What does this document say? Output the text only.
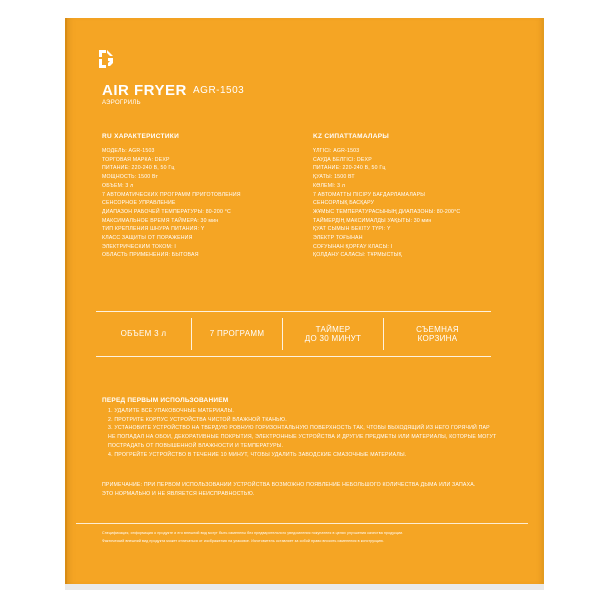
AIR FRYER AGR-1503
АЭРОГРИЛЬ
RU ХАРАКТЕРИСТИКИ
МОДЕЛЬ: AGR-1503
ТОРГОВАЯ МАРКА: DEXP
ПИТАНИЕ: 220-240 В, 50 Гц
МОЩНОСТЬ: 1500 Вт
ОБЪЕМ: 3 л
7 АВТОМАТИЧЕСКИХ ПРОГРАММ ПРИГОТОВЛЕНИЯ
СЕНСОРНОЕ УПРАВЛЕНИЕ
ДИАПАЗОН РАБОЧЕЙ ТЕМПЕРАТУРЫ: 80-200 °С
МАКСИМАЛЬНОЕ ВРЕМЯ ТАЙМЕРА: 30 мин
ТИП КРЕПЛЕНИЯ ШНУРА ПИТАНИЯ: Y
КЛАСС ЗАЩИТЫ ОТ ПОРАЖЕНИЯ
ЭЛЕКТРИЧЕСКИМ ТОКОМ: I
ОБЛАСТЬ ПРИМЕНЕНИЯ: БЫТОВАЯ
KZ СИПАТТАМАЛАРЫ
ҮЛГІСІ: AGR-1503
САУДА БЕЛГІСІ: DEXP
ПИТАНИЕ: 220-240 В, 50 Гц
ҚУАТЫ: 1500 ВТ
КӨЛЕМІ: 3 л
7 АВТОМАТТЫ ПІСІРУ БАҒДАРЛАМАЛАРЫ
СЕНСОРЛЫҚ БАСҚАРУ
ЖҰМЫС ТЕМПЕРАТУРАСЫНЫҢ ДИАПАЗОНЫ: 80-200°С
ТАЙМЕРДІҢ МАКСИМАЛДЫ УАҚЫТЫ: 30 мин
ҚУАТ СЫМЫН БЕКІТУ ТҮРІ: Y
ЭЛЕКТР ТОҒЫНАН
СОҒУЫНАН ҚОРҒАУ КЛАСЫ: I
ҚОЛДАНУ САЛАСЫ: ТҰРМЫСТЫҚ
ОБЪЕМ 3 л	7 ПРОГРАММ
ТАЙМЕР
ДО 30 МИНУТ
СЪЕМНАЯ
КОРЗИНА
ПЕРЕД ПЕРВЫМ ИСПОЛЬЗОВАНИЕМ
1. УДАЛИТЕ ВСЕ УПАКОВОЧНЫЕ МАТЕРИАЛЫ.
2. ПРОТРИТЕ КОРПУС УСТРОЙСТВА ЧИСТОЙ ВЛАЖНОЙ ТКАНЬЮ.
3. УСТАНОВИТЕ УСТРОЙСТВО НА ТВЕРДУЮ РОВНУЮ ГОРИЗОНТАЛЬНУЮ ПОВЕРХНОСТЬ ТАК, ЧТОБЫ ВЫХОДЯЩИЙ ИЗ НЕГО ГОРЯЧИЙ ПАР НЕ ПОПАДАЛ НА ОБОИ, ДЕКОРАТИВНЫЕ ПОКРЫТИЯ, ЭЛЕКТРОННЫЕ УСТРОЙСТВА И ДРУГИЕ ПРЕДМЕТЫ ИЛИ МАТЕРИАЛЫ, КОТОРЫЕ МОГУТ ПОСТРАДАТЬ ОТ ПОВЫШЕННОЙ ВЛАЖНОСТИ И ТЕМПЕРАТУРЫ.
4. ПРОГРЕЙТЕ УСТРОЙСТВО В ТЕЧЕНИЕ 10 МИНУТ, ЧТОБЫ УДАЛИТЬ ЗАВОДСКИЕ СМАЗОЧНЫЕ МАТЕРИАЛЫ.
ПРИМЕЧАНИЕ: ПРИ ПЕРВОМ ИСПОЛЬЗОВАНИИ УСТРОЙСТВА ВОЗМОЖНО ПОЯВЛЕНИЕ НЕБОЛЬШОГО КОЛИЧЕСТВА ДЫМА ИЛИ ЗАПАХА. ЭТО НОРМАЛЬНО И НЕ ЯВЛЯЕТСЯ НЕИСПРАВНОСТЬЮ.
Спецификация, информация о продукте и его внешний вид могут быть изменены без предварительного уведомления покупателя в целях улучшения качества продукции.
Фактический внешний вид продукта может отличаться от изображения на упаковке. Изготовитель оставляет за собой право вносить изменения в конструкцию.
